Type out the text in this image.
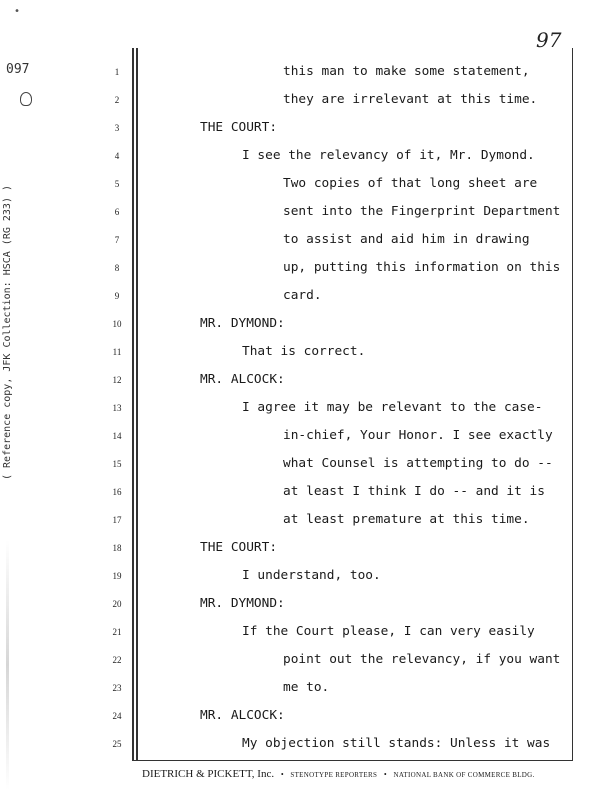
•
97
097
( Reference copy, JFK Collection: HSCA (RG 233) )
1
2
3
4
5
6
7
8
9
10
11
12
13
14
15
16
17
18
19
20
21
22
23
24
25
this man to make some statement,
they are irrelevant at this time.
THE COURT:
I see the relevancy of it, Mr. Dymond.
Two copies of that long sheet are
sent into the Fingerprint Department
to assist and aid him in drawing
up, putting this information on this
card.
MR. DYMOND:
That is correct.
MR. ALCOCK:
I agree it may be relevant to the case-
in-chief, Your Honor. I see exactly
what Counsel is attempting to do --
at least I think I do -- and it is
at least premature at this time.
THE COURT:
I understand, too.
MR. DYMOND:
If the Court please, I can very easily
point out the relevancy, if you want
me to.
MR. ALCOCK:
My objection still stands: Unless it was
DIETRICH & PICKETT, Inc. • STENOTYPE REPORTERS • NATIONAL BANK OF COMMERCE BLDG.
